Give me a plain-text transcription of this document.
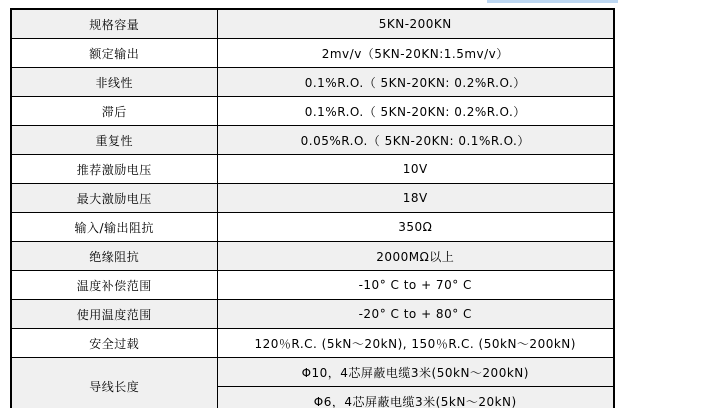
规格容量	5KN-200KN
额定输出	2mv/v（5KN-20KN:1.5mv/v）
非线性	0.1%R.O.（ 5KN-20KN: 0.2%R.O.）
滞后	0.1%R.O.（ 5KN-20KN: 0.2%R.O.）
重复性	0.05%R.O.（ 5KN-20KN: 0.1%R.O.）
推荐激励电压	10V
最大激励电压	18V
输入/输出阻抗	350Ω
绝缘阻抗	2000MΩ以上
温度补偿范围	-10° C to + 70° C
使用温度范围	-20° C to + 80° C
安全过载	120％R.C. (5kN～20kN), 150％R.C. (50kN～200kN)
导线长度	Φ10，4芯屏蔽电缆3米(50kN～200kN)
	Φ6，4芯屏蔽电缆3米(5kN～20kN)
